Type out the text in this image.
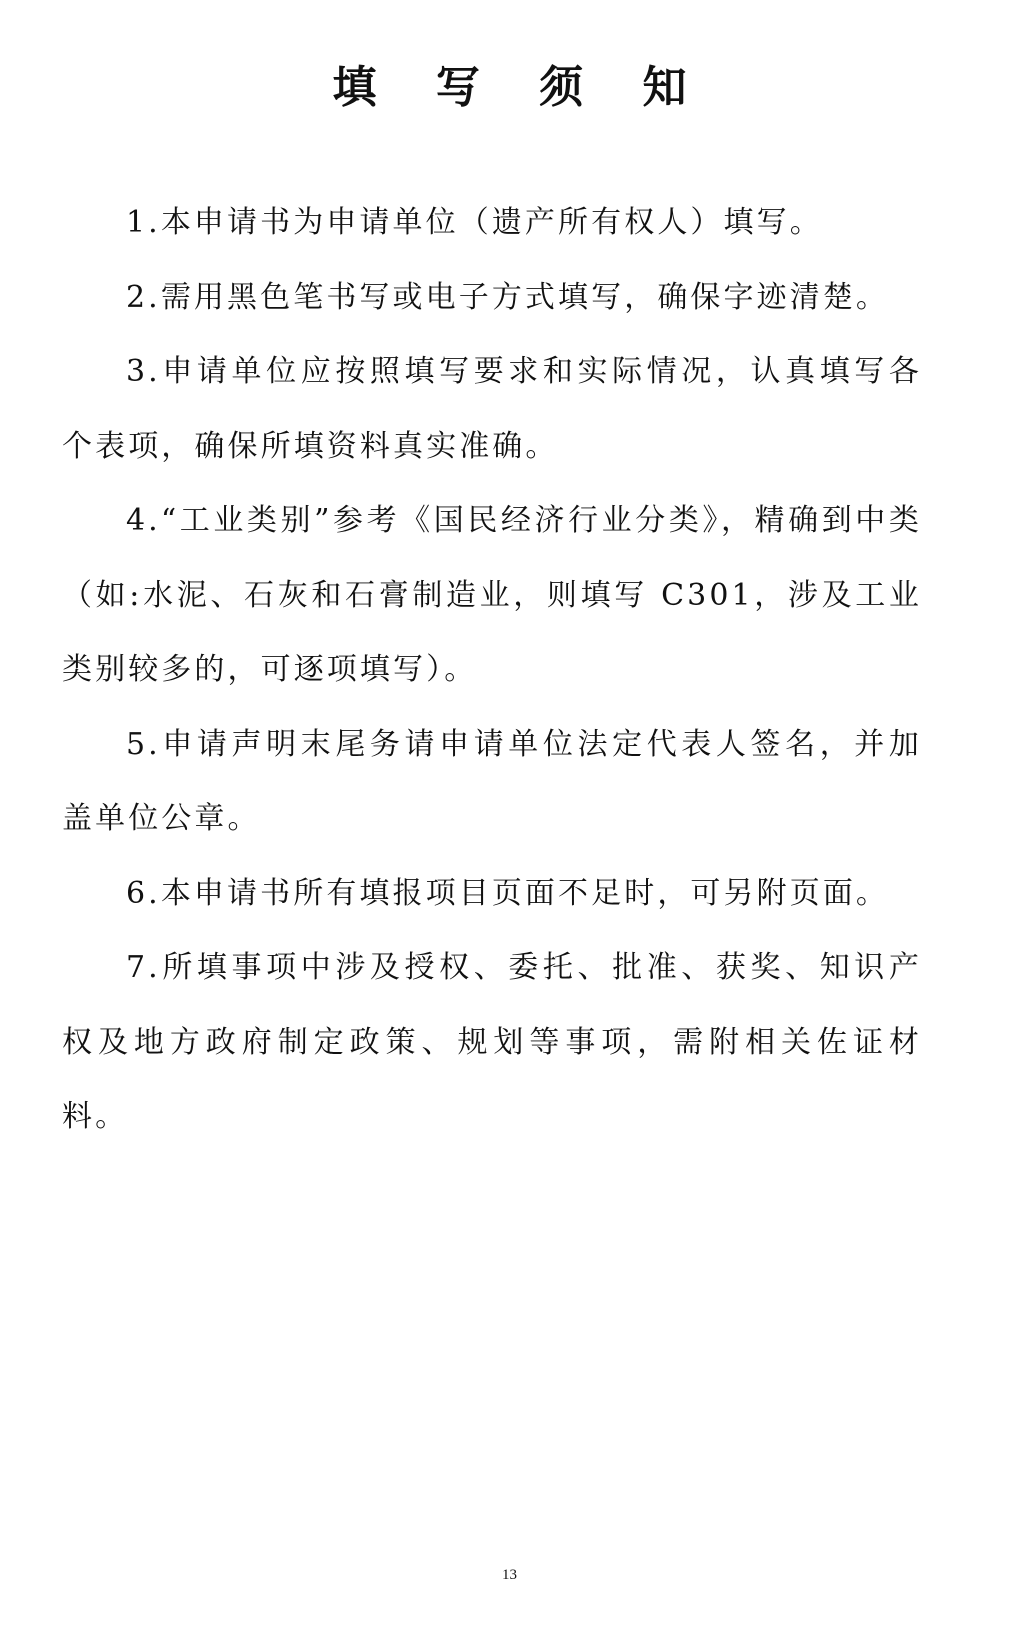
填 写 须 知

1.本申请书为申请单位（遗产所有权人）填写。

2.需用黑色笔书写或电子方式填写，确保字迹清楚。

3.申请单位应按照填写要求和实际情况，认真填写各个表项，确保所填资料真实准确。

4.“工业类别”参考《国民经济行业分类》，精确到中类（如:水泥、石灰和石膏制造业，则填写 C301，涉及工业类别较多的，可逐项填写）。

5.申请声明末尾务请申请单位法定代表人签名，并加盖单位公章。

6.本申请书所有填报项目页面不足时，可另附页面。

7.所填事项中涉及授权、委托、批准、获奖、知识产权及地方政府制定政策、规划等事项，需附相关佐证材料。

13
